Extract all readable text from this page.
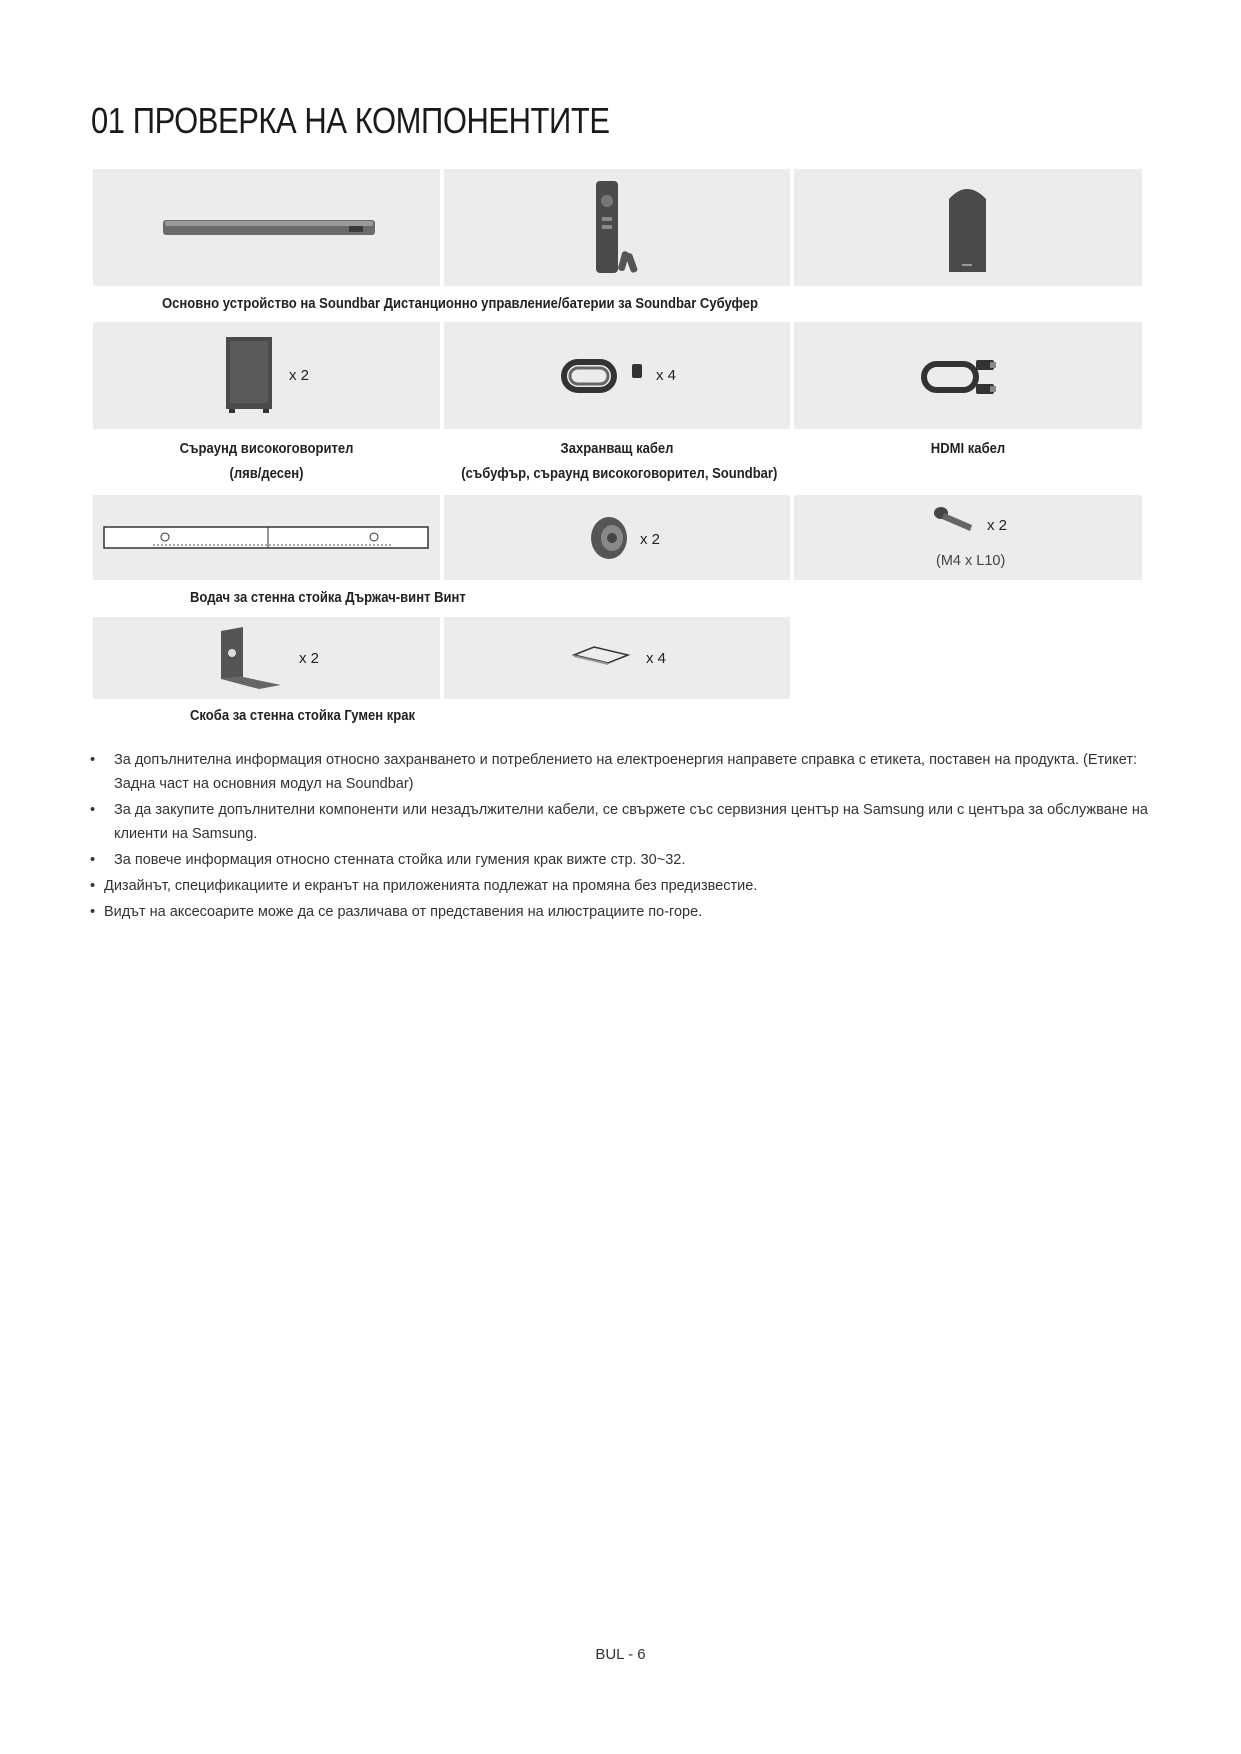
01 ПРОВЕРКА НА КОМПОНЕНТИТЕ
Основно устройство на Soundbar Дистанционно управление/батерии за Soundbar Субуфер
x 2	x 4
Съраунд високоговорител
(ляв/десен)
Захранващ кабел
(събуфър, съраунд високоговорител, Soundbar)
HDMI кабел
x 2
x 2
(M4 x L10)
Водач за стенна стойка Държач-винт Винт
x 2	x 4
Скоба за стенна стойка Гумен крак
•	За допълнителна информация относно захранването и потреблението на електроенергия направете справка с етикета, поставен на продукта. (Етикет: Задна част на основния модул на Soundbar)
•	За да закупите допълнителни компоненти или незадължителни кабели, се свържете със сервизния център на Samsung или с центъра за обслужване на клиенти на Samsung.
•	За повече информация относно стенната стойка или гумения крак вижте стр. 30~32.
• Дизайнът, спецификациите и екранът на приложенията подлежат на промяна без предизвестие.
• Видът на аксесоарите може да се различава от представения на илюстрациите по-горе.
BUL - 6
